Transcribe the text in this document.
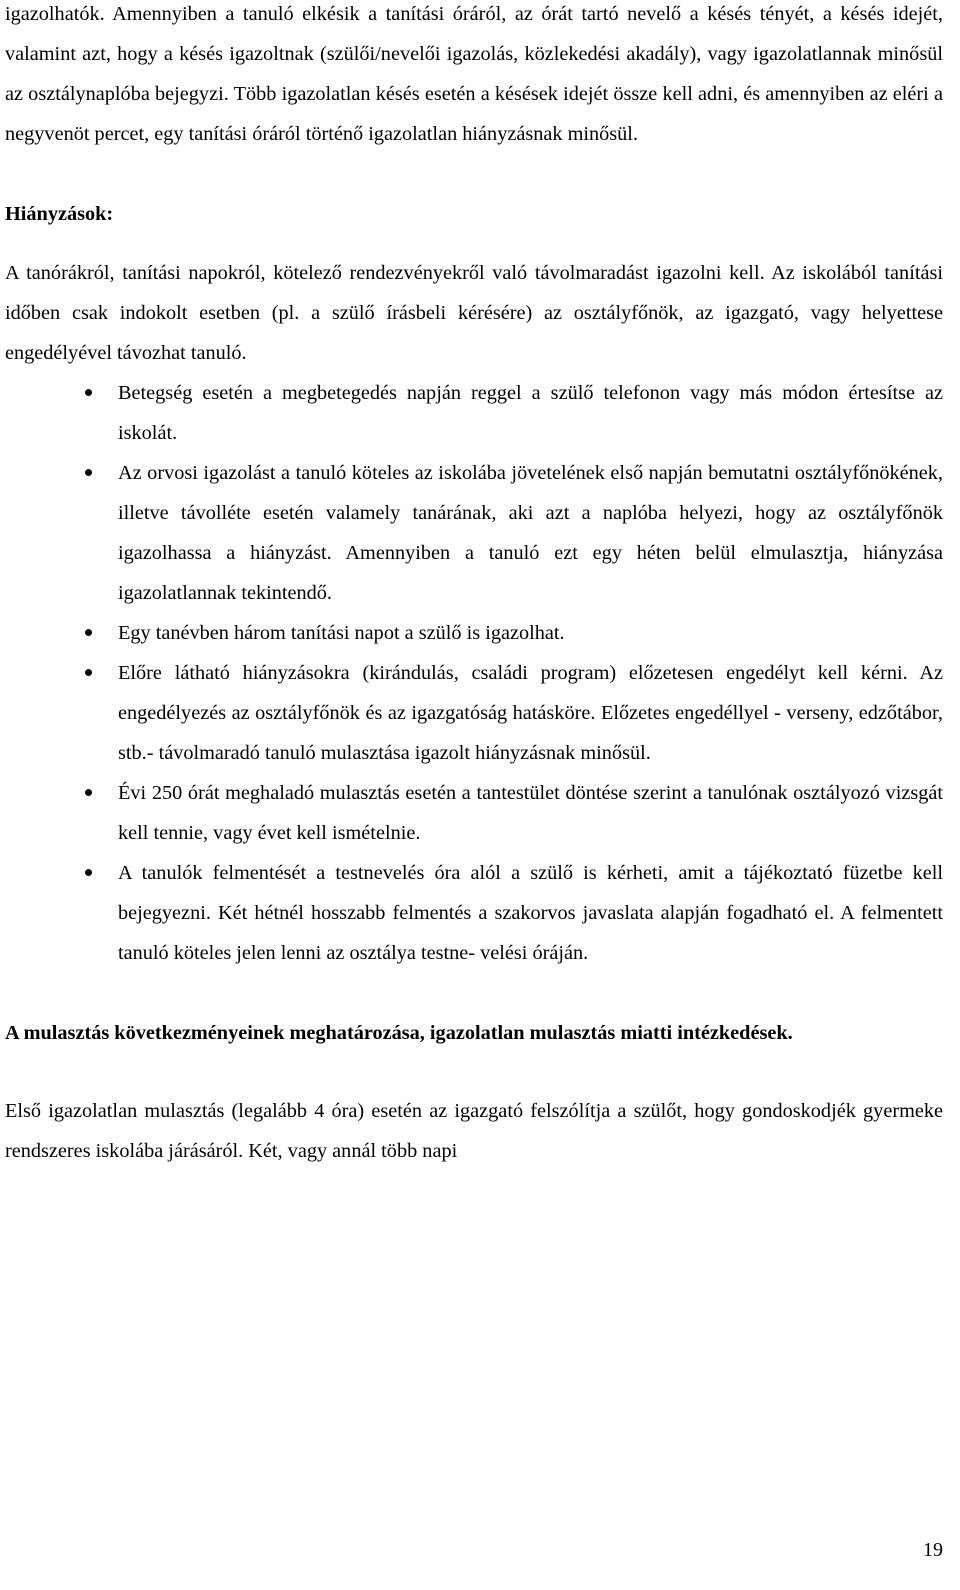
igazolhatók. Amennyiben a tanuló elkésik a tanítási óráról, az órát tartó nevelő a késés tényét, a késés idejét, valamint azt, hogy a késés igazoltnak (szülői/nevelői igazolás, közlekedési akadály), vagy igazolatlannak minősül az osztálynaplóba bejegyzi. Több igazolatlan késés esetén a késések idejét össze kell adni, és amennyiben az eléri a negyvenöt percet, egy tanítási óráról történő igazolatlan hiányzásnak minősül.

Hiányzások:

A tanórákról, tanítási napokról, kötelező rendezvényekről való távolmaradást igazolni kell. Az iskolából tanítási időben csak indokolt esetben (pl. a szülő írásbeli kérésére) az osztályfőnök, az igazgató, vagy helyettese engedélyével távozhat tanuló.

Betegség esetén a megbetegedés napján reggel a szülő telefonon vagy más módon értesítse az iskolát.
Az orvosi igazolást a tanuló köteles az iskolába jövetelének első napján bemutatni osztályfőnökének, illetve távolléte esetén valamely tanárának, aki azt a naplóba helyezi, hogy az osztályfőnök igazolhassa a hiányzást. Amennyiben a tanuló ezt egy héten belül elmulasztja, hiányzása igazolatlannak tekintendő.
Egy tanévben három tanítási napot a szülő is igazolhat.
Előre látható hiányzásokra (kirándulás, családi program) előzetesen engedélyt kell kérni. Az engedélyezés az osztályfőnök és az igazgatóság hatásköre. Előzetes engedéllyel - verseny, edzőtábor, stb.- távolmaradó tanuló mulasztása igazolt hiányzásnak minősül.
Évi 250 órát meghaladó mulasztás esetén a tantestület döntése szerint a tanulónak osztályozó vizsgát kell tennie, vagy évet kell ismételnie.
A tanulók felmentését a testnevelés óra alól a szülő is kérheti, amit a tájékoztató füzetbe kell bejegyezni. Két hétnél hosszabb felmentés a szakorvos javaslata alapján fogadható el. A felmentett tanuló köteles jelen lenni az osztálya testne- velési óráján.

A mulasztás következményeinek meghatározása, igazolatlan mulasztás miatti intézkedések.

Első igazolatlan mulasztás (legalább 4 óra) esetén az igazgató felszólítja a szülőt, hogy gondoskodjék gyermeke rendszeres iskolába járásáról. Két, vagy annál több napi

19
